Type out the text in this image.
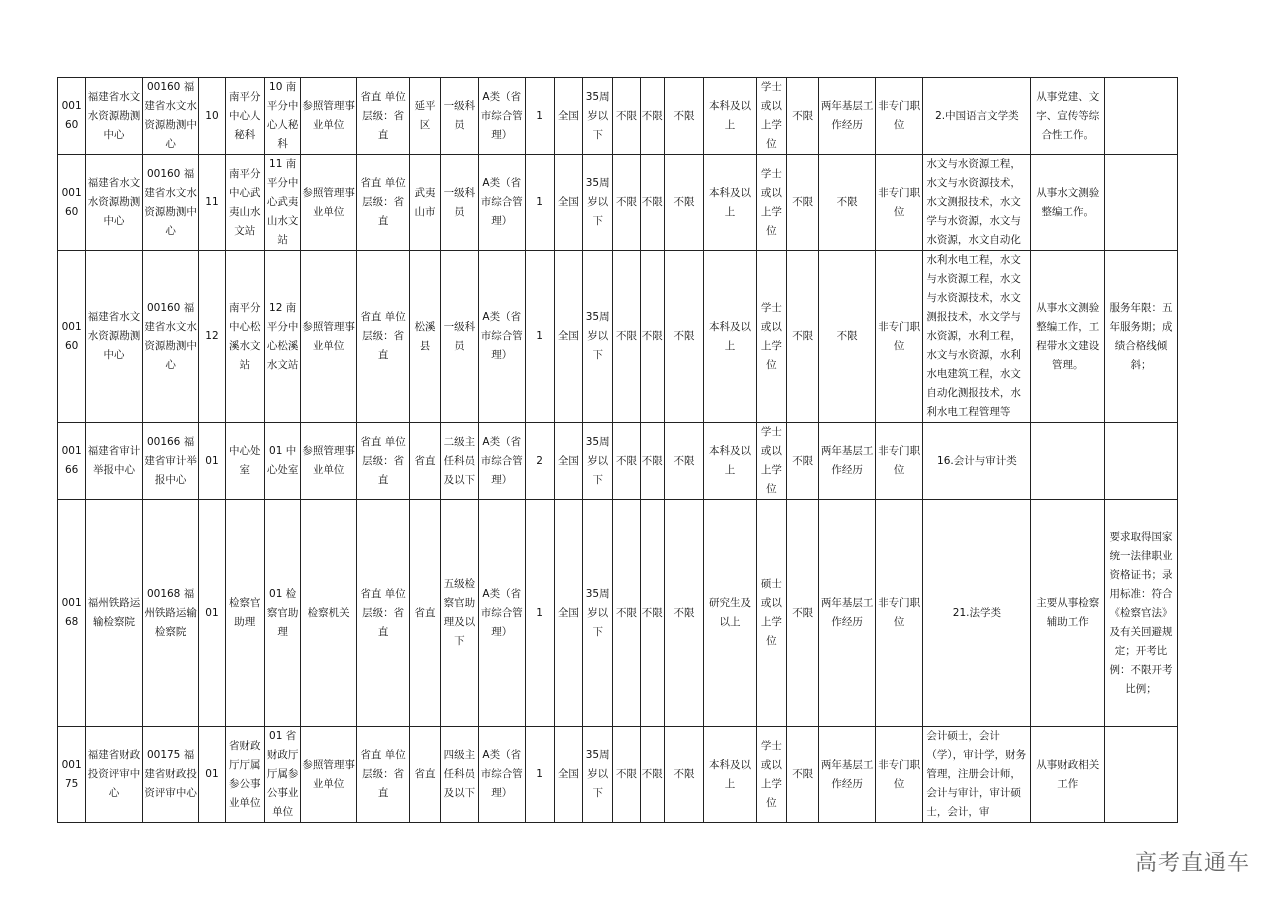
00160	福建省水文水资源勘测中心	00160 福建省水文水资源勘测中心	10	南平分中心人秘科	10 南平分中心人秘科	参照管理事业单位	省直 单位层级：省直	延平区	一级科员	A类（省市综合管理）	1	全国	35周岁以下	不限	不限	不限	本科及以上	学士或以上学位	不限	两年基层工作经历	非专门职位	2.中国语言文学类	从事党建、文字、宣传等综合性工作。	
00160	福建省水文水资源勘测中心	00160 福建省水文水资源勘测中心	11	南平分中心武夷山水文站	11 南平分中心武夷山水文站	参照管理事业单位	省直 单位层级：省直	武夷山市	一级科员	A类（省市综合管理）	1	全国	35周岁以下	不限	不限	不限	本科及以上	学士或以上学位	不限	不限	非专门职位	水文与水资源工程，水文与水资源技术，水文测报技术，水文学与水资源，水文与水资源，水文自动化	从事水文测验整编工作。	
00160	福建省水文水资源勘测中心	00160 福建省水文水资源勘测中心	12	南平分中心松溪水文站	12 南平分中心松溪水文站	参照管理事业单位	省直 单位层级：省直	松溪县	一级科员	A类（省市综合管理）	1	全国	35周岁以下	不限	不限	不限	本科及以上	学士或以上学位	不限	不限	非专门职位	水利水电工程，水文与水资源工程，水文与水资源技术，水文测报技术，水文学与水资源，水利工程，水文与水资源，水利水电建筑工程，水文自动化测报技术，水利水电工程管理等	从事水文测验整编工作，工程带水文建设管理。	服务年限：五年服务期；成绩合格线倾斜；
00166	福建省审计举报中心	00166 福建省审计举报中心	01	中心处室	01 中心处室	参照管理事业单位	省直 单位层级：省直	省直	二级主任科员及以下	A类（省市综合管理）	2	全国	35周岁以下	不限	不限	不限	本科及以上	学士或以上学位	不限	两年基层工作经历	非专门职位	16.会计与审计类		
00168	福州铁路运输检察院	00168 福州铁路运输检察院	01	检察官助理	01 检察官助理	检察机关	省直 单位层级：省直	省直	五级检察官助理及以下	A类（省市综合管理）	1	全国	35周岁以下	不限	不限	不限	研究生及以上	硕士或以上学位	不限	两年基层工作经历	非专门职位	21.法学类	主要从事检察辅助工作	要求取得国家统一法律职业资格证书；录用标准：符合《检察官法》及有关回避规定；开考比例：不限开考比例；
00175	福建省财政投资评审中心	00175 福建省财政投资评审中心	01	省财政厅厅属参公事业单位	01 省财政厅厅属参公事业单位	参照管理事业单位	省直 单位层级：省直	省直	四级主任科员及以下	A类（省市综合管理）	1	全国	35周岁以下	不限	不限	不限	本科及以上	学士或以上学位	不限	两年基层工作经历	非专门职位	会计硕士，会计（学），审计学，财务管理，注册会计师，会计与审计，审计硕士，会计，审	从事财政相关工作	
高考直通车
